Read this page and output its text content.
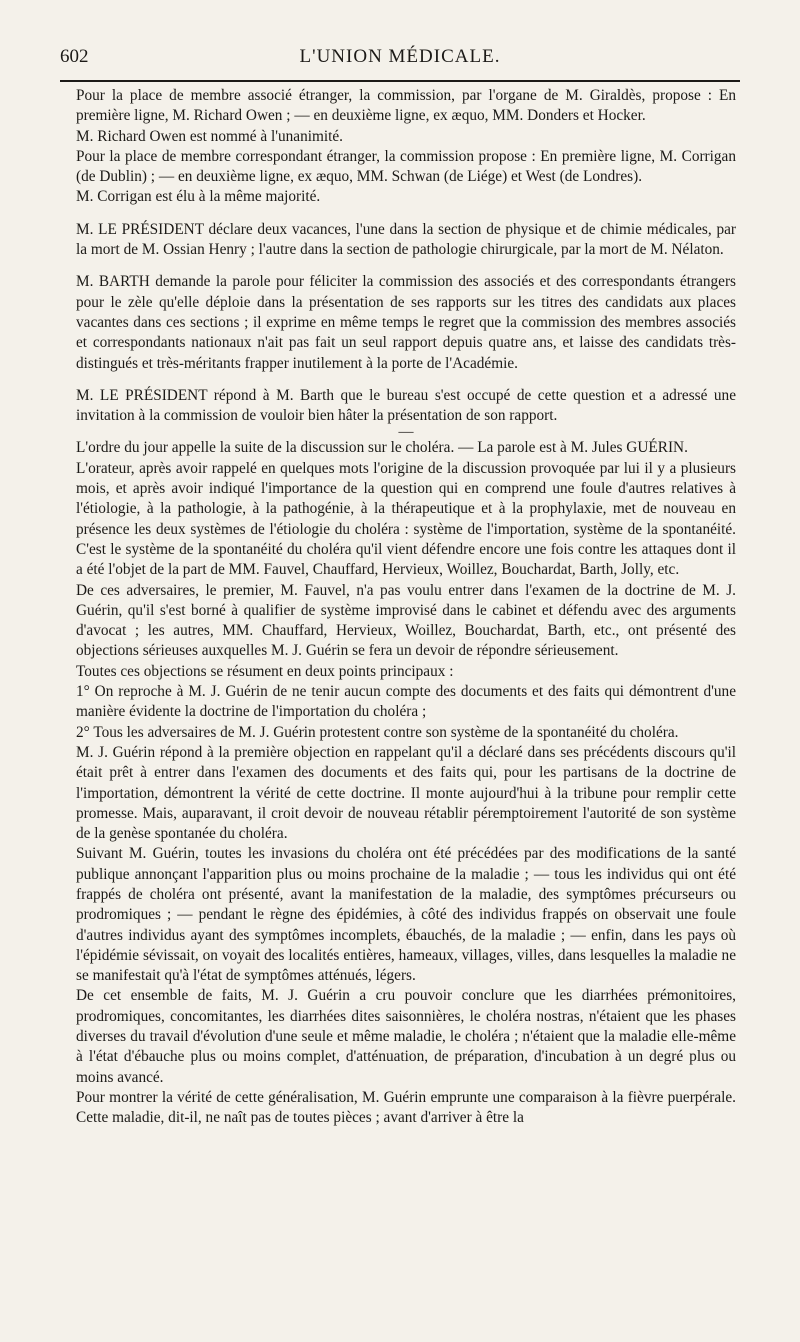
602	L'UNION MÉDICALE.

Pour la place de membre associé étranger, la commission, par l'organe de M. Giraldès, propose : En première ligne, M. Richard Owen ; — en deuxième ligne, ex æquo, MM. Donders et Hocker.

M. Richard Owen est nommé à l'unanimité.

Pour la place de membre correspondant étranger, la commission propose : En première ligne, M. Corrigan (de Dublin) ; — en deuxième ligne, ex æquo, MM. Schwan (de Liége) et West (de Londres).

M. Corrigan est élu à la même majorité.

M. LE PRÉSIDENT déclare deux vacances, l'une dans la section de physique et de chimie médicales, par la mort de M. Ossian Henry ; l'autre dans la section de pathologie chirurgicale, par la mort de M. Nélaton.

M. BARTH demande la parole pour féliciter la commission des associés et des correspondants étrangers pour le zèle qu'elle déploie dans la présentation de ses rapports sur les titres des candidats aux places vacantes dans ces sections ; il exprime en même temps le regret que la commission des membres associés et correspondants nationaux n'ait pas fait un seul rapport depuis quatre ans, et laisse des candidats très-distingués et très-méritants frapper inutilement à la porte de l'Académie.

M. LE PRÉSIDENT répond à M. Barth que le bureau s'est occupé de cette question et a adressé une invitation à la commission de vouloir bien hâter la présentation de son rapport.

—

L'ordre du jour appelle la suite de la discussion sur le choléra. — La parole est à M. Jules GUÉRIN.

L'orateur, après avoir rappelé en quelques mots l'origine de la discussion provoquée par lui il y a plusieurs mois, et après avoir indiqué l'importance de la question qui en comprend une foule d'autres relatives à l'étiologie, à la pathologie, à la pathogénie, à la thérapeutique et à la prophylaxie, met de nouveau en présence les deux systèmes de l'étiologie du choléra : système de l'importation, système de la spontanéité. C'est le système de la spontanéité du choléra qu'il vient défendre encore une fois contre les attaques dont il a été l'objet de la part de MM. Fauvel, Chauffard, Hervieux, Woillez, Bouchardat, Barth, Jolly, etc.

De ces adversaires, le premier, M. Fauvel, n'a pas voulu entrer dans l'examen de la doctrine de M. J. Guérin, qu'il s'est borné à qualifier de système improvisé dans le cabinet et défendu avec des arguments d'avocat ; les autres, MM. Chauffard, Hervieux, Woillez, Bouchardat, Barth, etc., ont présenté des objections sérieuses auxquelles M. J. Guérin se fera un devoir de répondre sérieusement.

Toutes ces objections se résument en deux points principaux :

1° On reproche à M. J. Guérin de ne tenir aucun compte des documents et des faits qui démontrent d'une manière évidente la doctrine de l'importation du choléra ;

2° Tous les adversaires de M. J. Guérin protestent contre son système de la spontanéité du choléra.

M. J. Guérin répond à la première objection en rappelant qu'il a déclaré dans ses précédents discours qu'il était prêt à entrer dans l'examen des documents et des faits qui, pour les partisans de la doctrine de l'importation, démontrent la vérité de cette doctrine. Il monte aujourd'hui à la tribune pour remplir cette promesse. Mais, auparavant, il croit devoir de nouveau rétablir péremptoirement l'autorité de son système de la genèse spontanée du choléra.

Suivant M. Guérin, toutes les invasions du choléra ont été précédées par des modifications de la santé publique annonçant l'apparition plus ou moins prochaine de la maladie ; — tous les individus qui ont été frappés de choléra ont présenté, avant la manifestation de la maladie, des symptômes précurseurs ou prodromiques ; — pendant le règne des épidémies, à côté des individus frappés on observait une foule d'autres individus ayant des symptômes incomplets, ébauchés, de la maladie ; — enfin, dans les pays où l'épidémie sévissait, on voyait des localités entières, hameaux, villages, villes, dans lesquelles la maladie ne se manifestait qu'à l'état de symptômes atténués, légers.

De cet ensemble de faits, M. J. Guérin a cru pouvoir conclure que les diarrhées prémonitoires, prodromiques, concomitantes, les diarrhées dites saisonnières, le choléra nostras, n'étaient que les phases diverses du travail d'évolution d'une seule et même maladie, le choléra ; n'étaient que la maladie elle-même à l'état d'ébauche plus ou moins complet, d'atténuation, de préparation, d'incubation à un degré plus ou moins avancé.

Pour montrer la vérité de cette généralisation, M. Guérin emprunte une comparaison à la fièvre puerpérale. Cette maladie, dit-il, ne naît pas de toutes pièces ; avant d'arriver à être la
